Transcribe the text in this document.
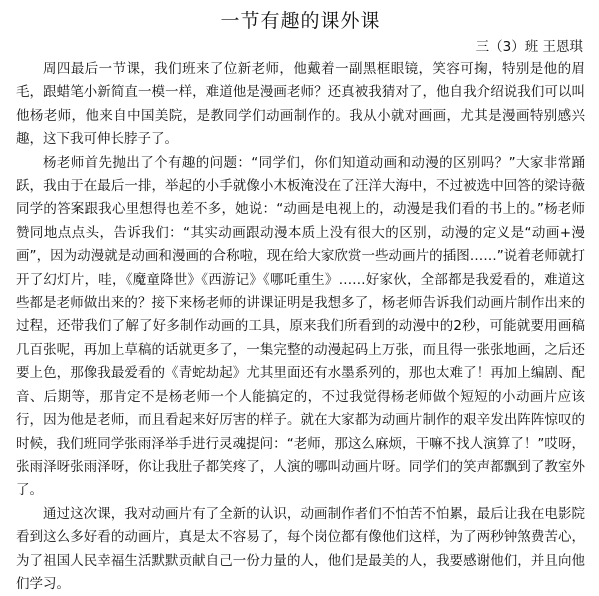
一节有趣的课外课
三（3）班 王恩琪

周四最后一节课，我们班来了位新老师，他戴着一副黑框眼镜，笑容可掬，特别是他的眉毛，跟蜡笔小新简直一模一样，难道他是漫画老师？还真被我猜对了，他自我介绍说我们可以叫他杨老师，他来自中国美院，是教同学们动画制作的。我从小就对画画，尤其是漫画特别感兴趣，这下我可伸长脖子了。

杨老师首先抛出了个有趣的问题：“同学们，你们知道动画和动漫的区别吗？”大家非常踊跃，我由于在最后一排，举起的小手就像小木板淹没在了汪洋大海中，不过被选中回答的梁诗薇同学的答案跟我心里想得也差不多，她说：“动画是电视上的，动漫是我们看的书上的。”杨老师赞同地点点头，告诉我们：“其实动画跟动漫本质上没有很大的区别，动漫的定义是“动画+漫画”，因为动漫就是动画和漫画的合称啦，现在给大家欣赏一些动画片的插图……”说着老师就打开了幻灯片，哇，《魔童降世》《西游记》《哪吒重生》……好家伙，全部都是我爱看的，难道这些都是老师做出来的？接下来杨老师的讲课证明是我想多了，杨老师告诉我们动画片制作出来的过程，还带我们了解了好多制作动画的工具，原来我们所看到的动漫中的2秒，可能就要用画稿几百张呢，再加上草稿的话就更多了，一集完整的动漫起码上万张，而且得一张张地画，之后还要上色，那像我最爱看的《青蛇劫起》尤其里面还有水墨系列的，那也太难了！再加上编剧、配音、后期等，那肯定不是杨老师一个人能搞定的，不过我觉得杨老师做个短短的小动画片应该行，因为他是老师，而且看起来好厉害的样子。就在大家都为动画片制作的艰辛发出阵阵惊叹的时候，我们班同学张雨泽举手进行灵魂提问：“老师，那这么麻烦，干嘛不找人演算了！”哎呀，张雨泽呀张雨泽呀，你让我肚子都笑疼了，人演的哪叫动画片呀。同学们的笑声都飘到了教室外了。

通过这次课，我对动画片有了全新的认识，动画制作者们不怕苦不怕累，最后让我在电影院看到这么多好看的动画片，真是太不容易了，每个岗位都有像他们这样，为了两秒钟煞费苦心，为了祖国人民幸福生活默默贡献自己一份力量的人，他们是最美的人，我要感谢他们，并且向他们学习。
